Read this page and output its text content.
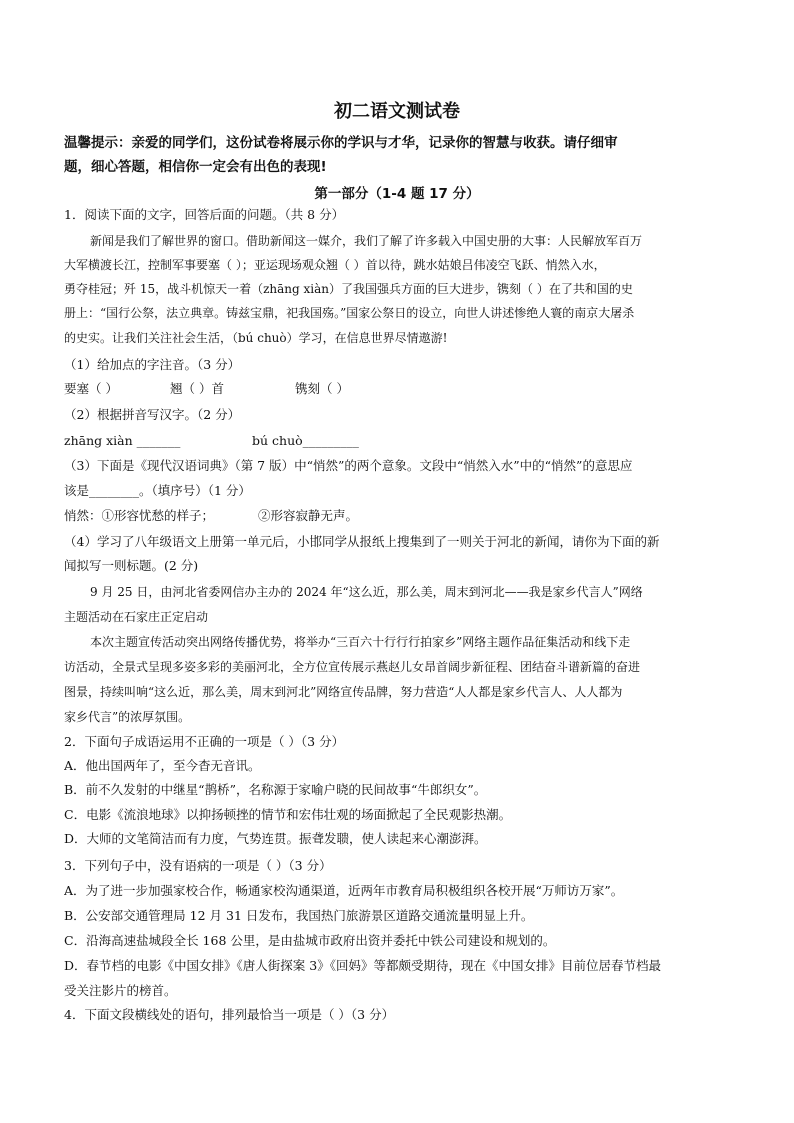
初二语文测试卷
温馨提示：亲爱的同学们，这份试卷将展示你的学识与才华，记录你的智慧与收获。请仔细审
题，细心答题，相信你一定会有出色的表现!
第一部分（1-4 题 17 分）
1．阅读下面的文字，回答后面的问题。（共 8 分）
新闻是我们了解世界的窗口。借助新闻这一媒介，我们了解了许多载入中国史册的大事：人民解放军百万
大军横渡长江，控制军事要塞（ ）；亚运现场观众翘（ ）首以待，跳水姑娘吕伟凌空飞跃、悄然入水，
勇夺桂冠；歼 15，战斗机惊天一着（zhāng xiàn）了我国强兵方面的巨大进步，镌刻（ ）在了共和国的史
册上：“国行公祭，法立典章。铸兹宝鼎，祀我国殇。”国家公祭日的设立，向世人讲述惨绝人寰的南京大屠杀
的史实。让我们关注社会生活，（bú chuò）学习，在信息世界尽情遨游!
（1）给加点的字注音。（3 分）
要塞（ ）	翘（ ）首	镌刻（ ）
（2）根据拼音写汉字。（2 分）
zhāng xiàn _______	bú chuò_________
（3）下面是《现代汉语词典》（第 7 版）中“悄然”的两个意象。文段中“悄然入水”中的“悄然”的意思应
该是________。（填序号）（1 分）
悄然：①形容忧愁的样子；	②形容寂静无声。
（4）学习了八年级语文上册第一单元后，小邯同学从报纸上搜集到了一则关于河北的新闻，请你为下面的新
闻拟写一则标题。(2 分)
9 月 25 日，由河北省委网信办主办的 2024 年“这么近，那么美，周末到河北——我是家乡代言人”网络
主题活动在石家庄正定启动
本次主题宣传活动突出网络传播优势，将举办“三百六十行行行拍家乡”网络主题作品征集活动和线下走
访活动，全景式呈现多姿多彩的美丽河北，全方位宣传展示燕赵儿女昂首阔步新征程、团结奋斗谱新篇的奋进
图景，持续叫响“这么近，那么美，周末到河北”网络宣传品牌，努力营造“人人都是家乡代言人、人人都为
家乡代言”的浓厚氛围。
2．下面句子成语运用不正确的一项是（ ）（3 分）
A．他出国两年了，至今杳无音讯。
B．前不久发射的中继星“鹊桥”，名称源于家喻户晓的民间故事“牛郎织女”。
C．电影《流浪地球》以抑扬顿挫的情节和宏伟壮观的场面掀起了全民观影热潮。
D．大师的文笔简洁而有力度，气势连贯。振聋发聩，使人读起来心潮澎湃。
3．下列句子中，没有语病的一项是（ ）（3 分）
A．为了进一步加强家校合作，畅通家校沟通渠道，近两年市教育局积极组织各校开展“万师访万家”。
B．公安部交通管理局 12 月 31 日发布，我国热门旅游景区道路交通流量明显上升。
C．沿海高速盐城段全长 168 公里，是由盐城市政府出资并委托中铁公司建设和规划的。
D．春节档的电影《中国女排》《唐人街探案 3》《回妈》等都颇受期待，现在《中国女排》目前位居春节档最
受关注影片的榜首。
4．下面文段横线处的语句，排列最恰当一项是（ ）（3 分）
